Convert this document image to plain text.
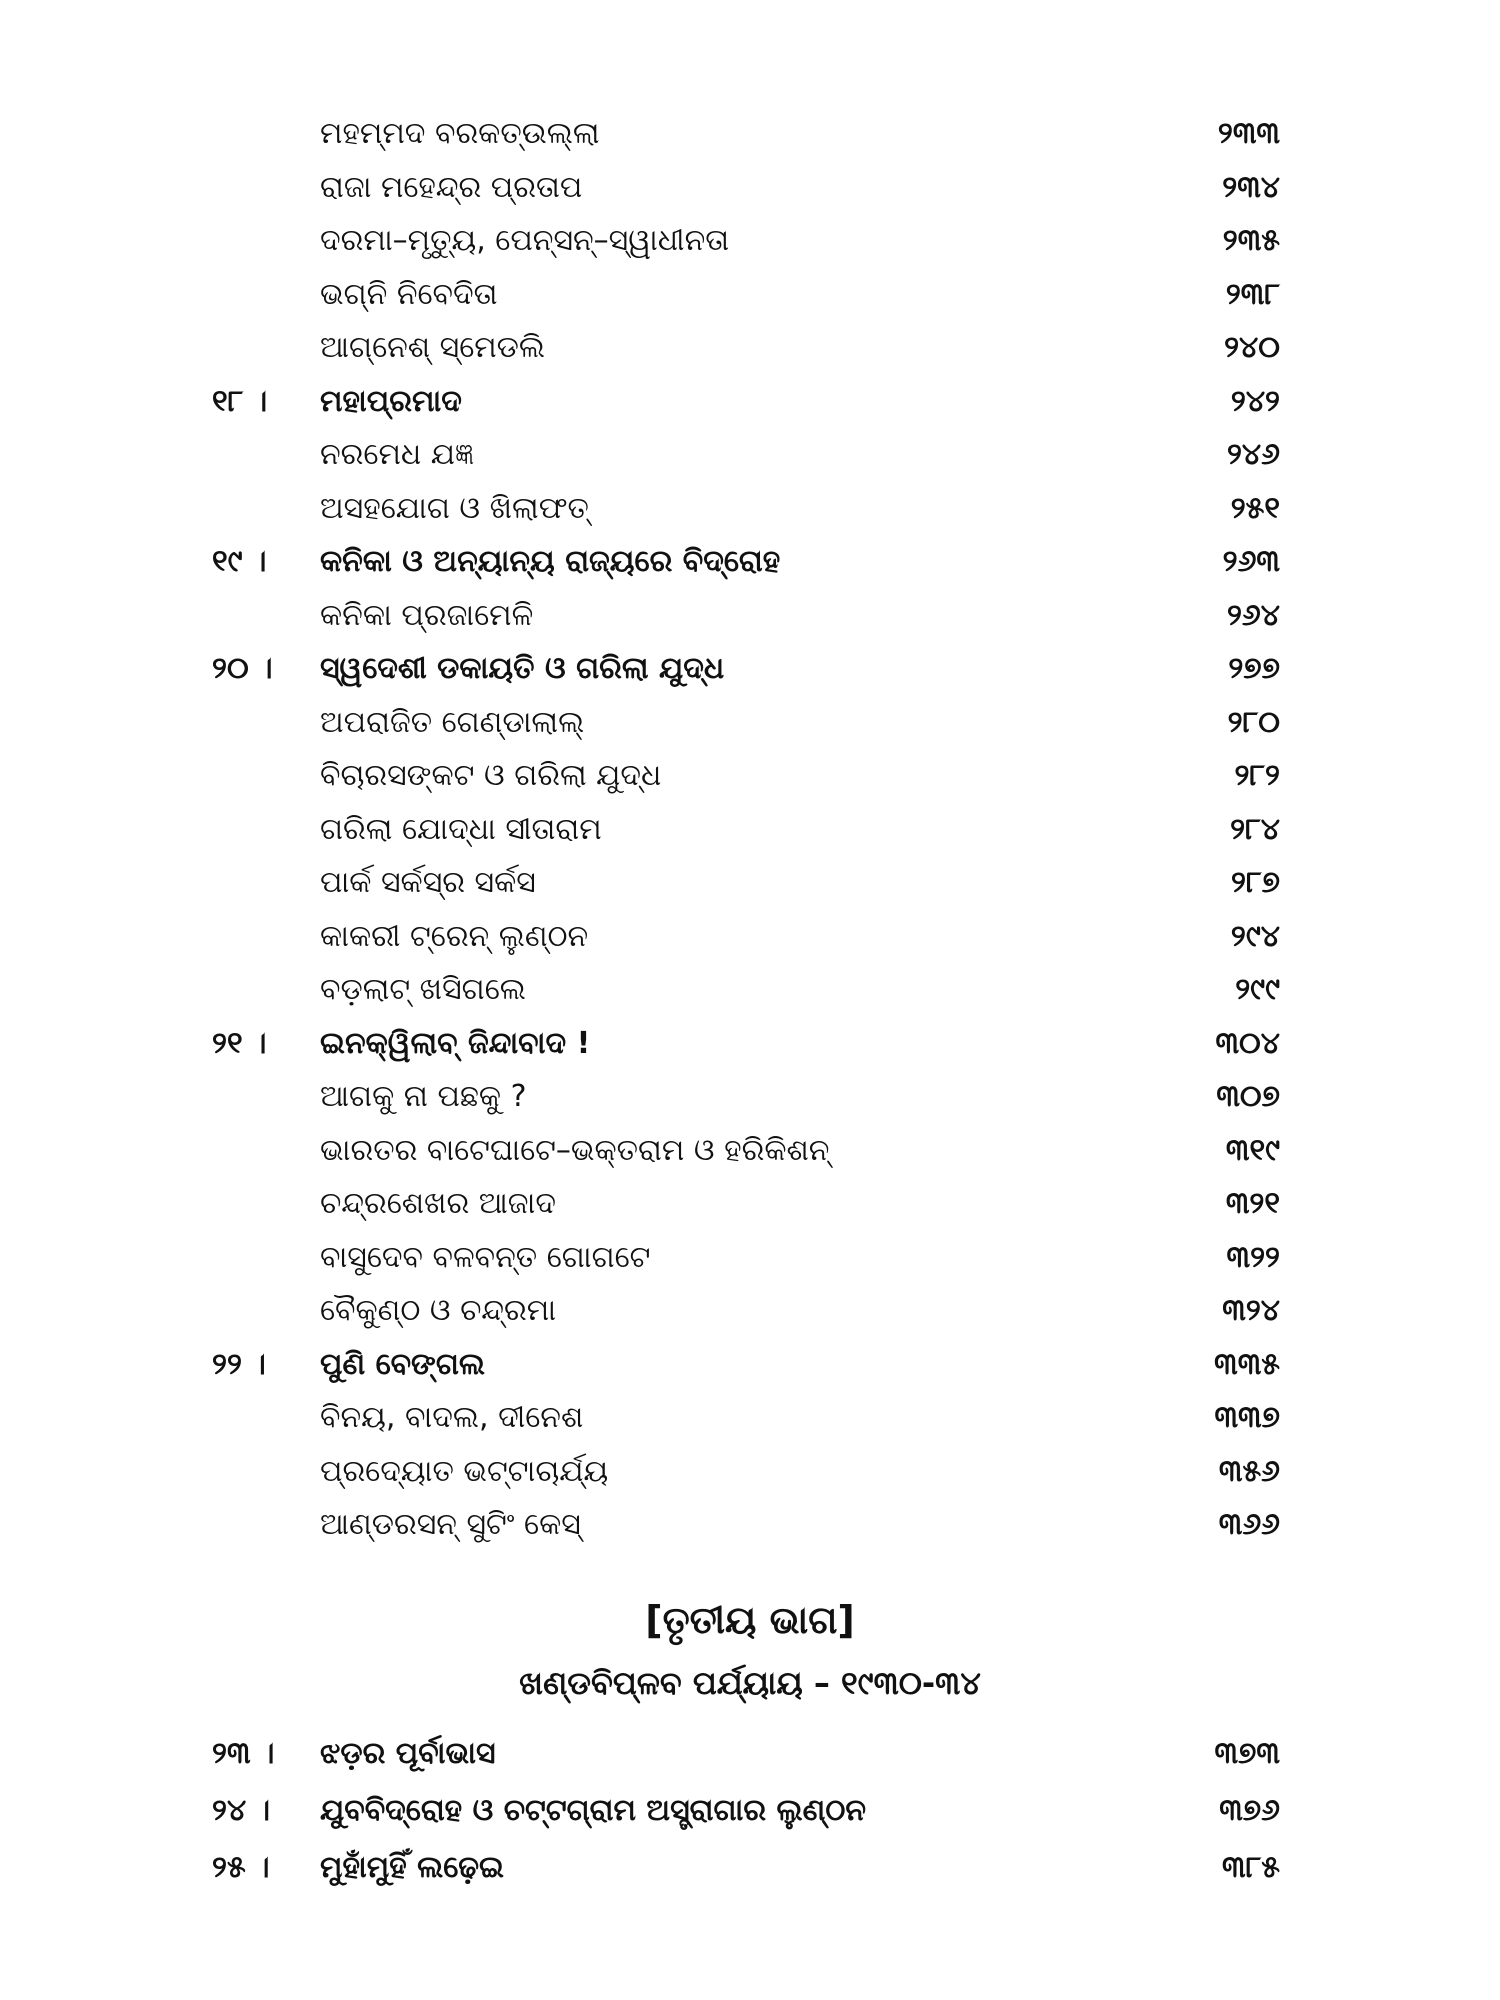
ମହମ୍ମଦ ବରକତ୍‌ଉଲ୍ଲା	୨୩୩
ରାଜା ମହେନ୍ଦ୍ର ପ୍ରତାପ	୨୩୪
ଦରମା–ମୃତ୍ୟୁ, ପେନ୍‌ସନ୍‌–ସ୍ୱାଧୀନତା	୨୩୫
ଭଗ୍ନି ନିବେଦିତା	୨୩୮
ଆଗ୍ନେଶ୍ ସ୍ମେଡଲି	୨୪୦
୧୮ । ମହାପ୍ରମାଦ	୨୪୨
ନରମେଧ ଯଜ୍ଞ	୨୪୬
ଅସହଯୋଗ ଓ ଖିଲାଫତ୍	୨୫୧
୧୯ । କନିକା ଓ ଅନ୍ୟାନ୍ୟ ରାଜ୍ୟରେ ବିଦ୍ରୋହ	୨୬୩
କନିକା ପ୍ରଜାମେଳି	୨୬୪
୨୦ । ସ୍ୱଦେଶୀ ଡକାୟତି ଓ ଗରିଲା ଯୁଦ୍ଧ	୨୭୭
ଅପରାଜିତ ଗେଣ୍ଡାଲାଲ୍	୨୮୦
ବିଚାରସଙ୍କଟ ଓ ଗରିଲା ଯୁଦ୍ଧ	୨୮୨
ଗରିଲା ଯୋଦ୍ଧା ସୀତାରାମ	୨୮୪
ପାର୍କ ସର୍କସ୍‌ର ସର୍କସ	୨୮୭
କାକରୀ ଟ୍ରେନ୍ ଲୁଣ୍ଠନ	୨୯୪
ବଡ଼ଲାଟ୍ ଖସିଗଲେ	୨୯୯
୨୧ । ଇନକ୍ୱିଲାବ୍ ଜିନ୍ଦାବାଦ !	୩୦୪
ଆଗକୁ ନା ପଛକୁ ?	୩୦୭
ଭାରତର ବାଟେଘାଟେ–ଭକ୍ତରାମ ଓ ହରିକିଶନ୍	୩୧୯
ଚନ୍ଦ୍ରଶେଖର ଆଜାଦ	୩୨୧
ବାସୁଦେବ ବଳବନ୍ତ ଗୋଗଟେ	୩୨୨
ବୈକୁଣ୍ଠ ଓ ଚନ୍ଦ୍ରମା	୩୨୪
୨୨ । ପୁଣି ବେଙ୍ଗଲ	୩୩୫
ବିନୟ, ବାଦଲ, ଦୀନେଶ	୩୩୭
ପ୍ରଦ୍ୟୋତ ଭଟ୍ଟାଚାର୍ଯ୍ୟ	୩୫୬
ଆଣ୍ଡରସନ୍ ସୁଟିଂ କେସ୍	୩୬୬
[ତୃତୀୟ ଭାଗ]
ଖଣ୍ଡବିପ୍ଳବ ପର୍ଯ୍ୟାୟ – ୧୯୩୦-୩୪
୨୩ । ଝଡ଼ର ପୂର୍ବାଭାସ	୩୭୩
୨୪ । ଯୁବବିଦ୍ରୋହ ଓ ଚଟ୍ଟଗ୍ରାମ ଅସ୍ତ୍ରାଗାର ଲୁଣ୍ଠନ	୩୭୬
୨୫ । ମୁହାଁମୁହିଁ ଲଢ଼େଇ	୩୮୫
